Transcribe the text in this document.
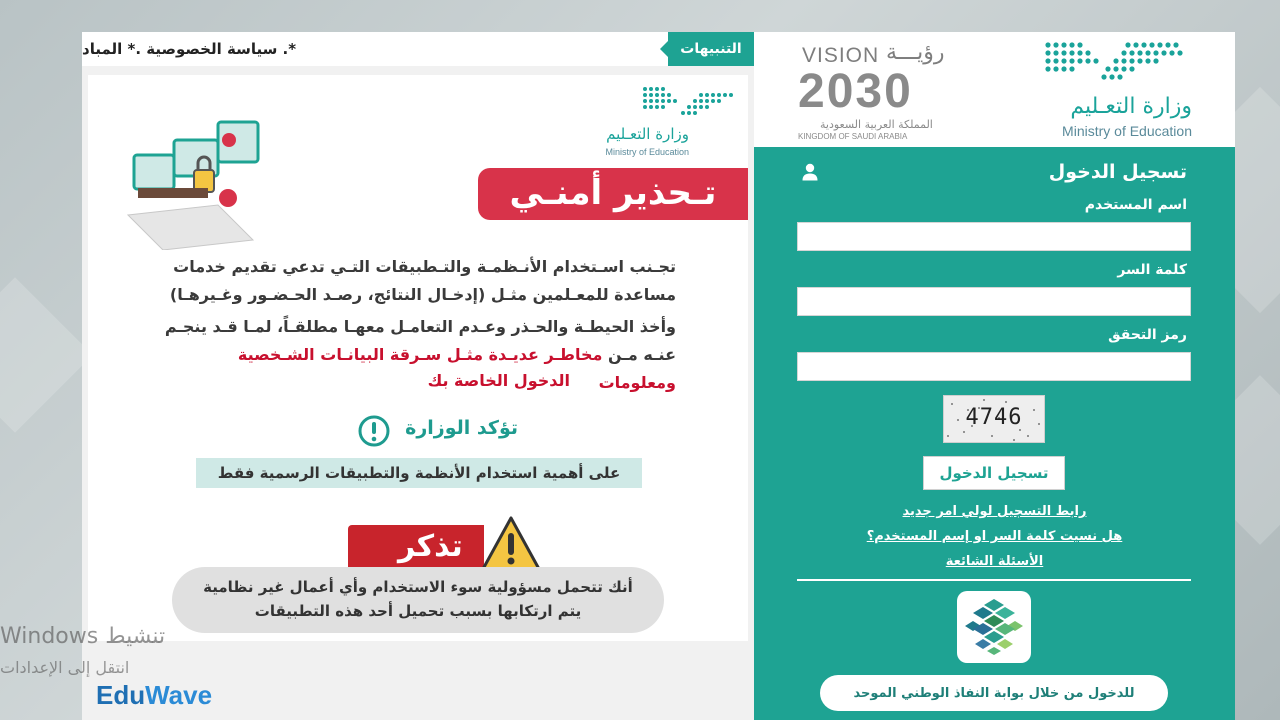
التنبيهات
*. سياسة الخصوصية .* المباد
وزارة التعـليم
Ministry of Education
تـحذير أمنـي
تجـنب اسـتخدام الأنـظمـة والتـطبيقات التـي تدعي تقديم خدمات
مساعدة للمعـلمين مثـل (إدخـال النتائج، رصـد الحـضـور وغـيرهـا)
وأخذ الحيطـة والحـذر وعـدم التعامـل معهـا مطلقـاً، لمـا قـد ينجـم
عنـه مـن مخاطـر عديـدة مثـل سـرقة البيانـات الشـخصية ومعلومات
الدخول الخاصة بك
تؤكد الوزارة
على أهمية استخدام الأنظمة والتطبيقات الرسمية فقط
تذكر
أنك تتحمل مسؤولية سوء الاستخدام وأي أعمال غير نظامية
يتم ارتكابها بسبب تحميل أحد هذه التطبيقات
VISION رؤيـــة
2030
المملكة العربية السعودية
KINGDOM OF SAUDI ARABIA
وزارة التعـليم
Ministry of Education
تسجيل الدخول
اسم المستخدم
كلمة السر
رمز التحقق
4746
تسجيل الدخول
رابط التسجيل لولي امر جديد
هل نسيت كلمة السر او إسم المستخدم؟
الأسئلة الشائعة
للدخول من خلال بوابة النفاذ الوطني الموحد
تنشيط Windows
انتقل إلى الإعدادات
EduWave
